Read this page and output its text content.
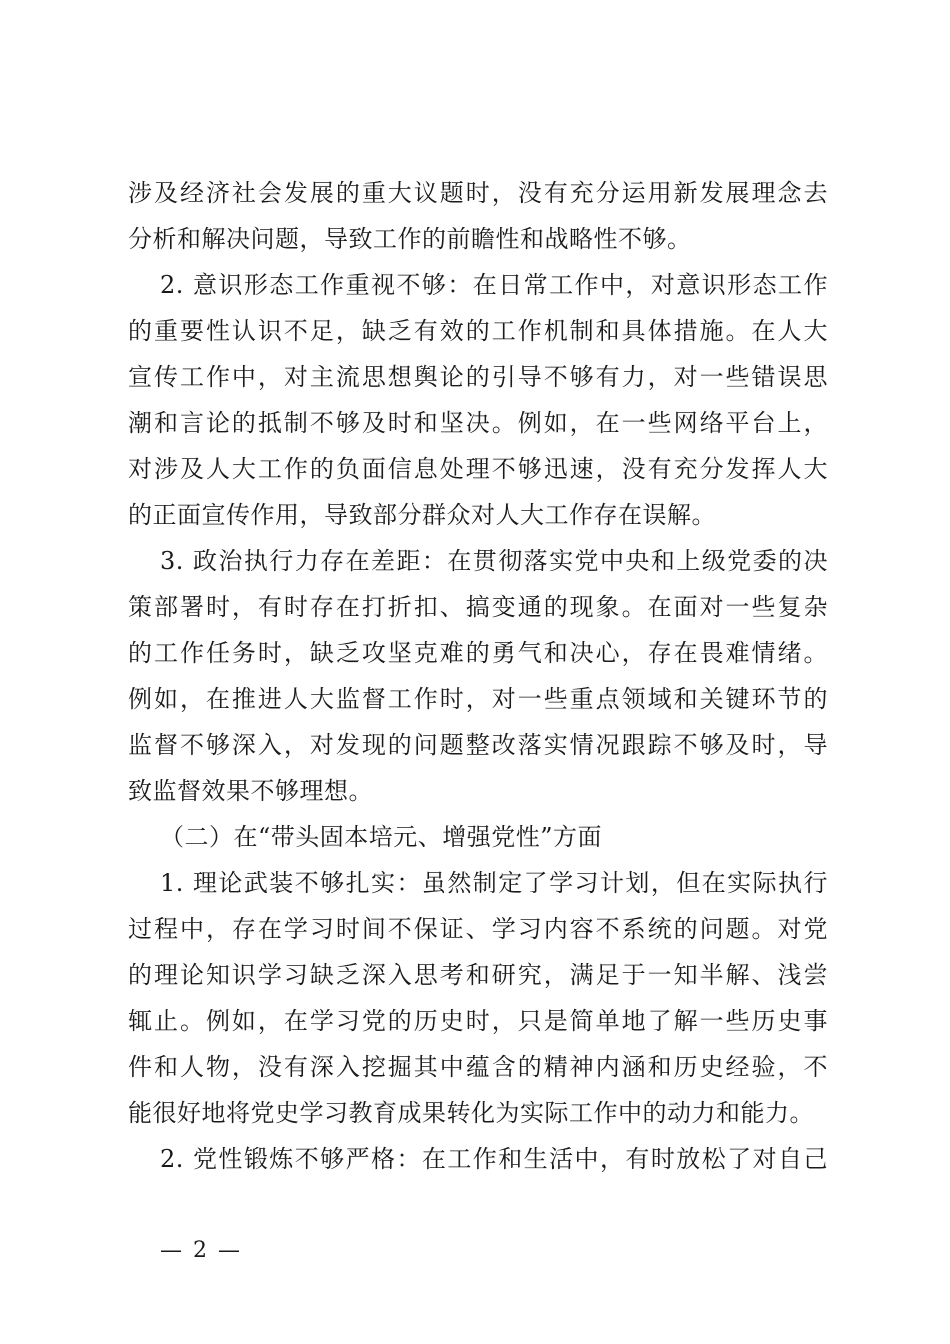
涉及经济社会发展的重大议题时，没有充分运用新发展理念去
分析和解决问题，导致工作的前瞻性和战略性不够。
2. 意识形态工作重视不够：在日常工作中，对意识形态工作
的重要性认识不足，缺乏有效的工作机制和具体措施。在人大
宣传工作中，对主流思想舆论的引导不够有力，对一些错误思
潮和言论的抵制不够及时和坚决。例如，在一些网络平台上，
对涉及人大工作的负面信息处理不够迅速，没有充分发挥人大
的正面宣传作用，导致部分群众对人大工作存在误解。
3. 政治执行力存在差距：在贯彻落实党中央和上级党委的决
策部署时，有时存在打折扣、搞变通的现象。在面对一些复杂
的工作任务时，缺乏攻坚克难的勇气和决心，存在畏难情绪。
例如，在推进人大监督工作时，对一些重点领域和关键环节的
监督不够深入，对发现的问题整改落实情况跟踪不够及时，导
致监督效果不够理想。
（二）在“带头固本培元、增强党性”方面
1. 理论武装不够扎实：虽然制定了学习计划，但在实际执行
过程中，存在学习时间不保证、学习内容不系统的问题。对党
的理论知识学习缺乏深入思考和研究，满足于一知半解、浅尝
辄止。例如，在学习党的历史时，只是简单地了解一些历史事
件和人物，没有深入挖掘其中蕴含的精神内涵和历史经验，不
能很好地将党史学习教育成果转化为实际工作中的动力和能力。
2. 党性锻炼不够严格：在工作和生活中，有时放松了对自己
— 2 —
